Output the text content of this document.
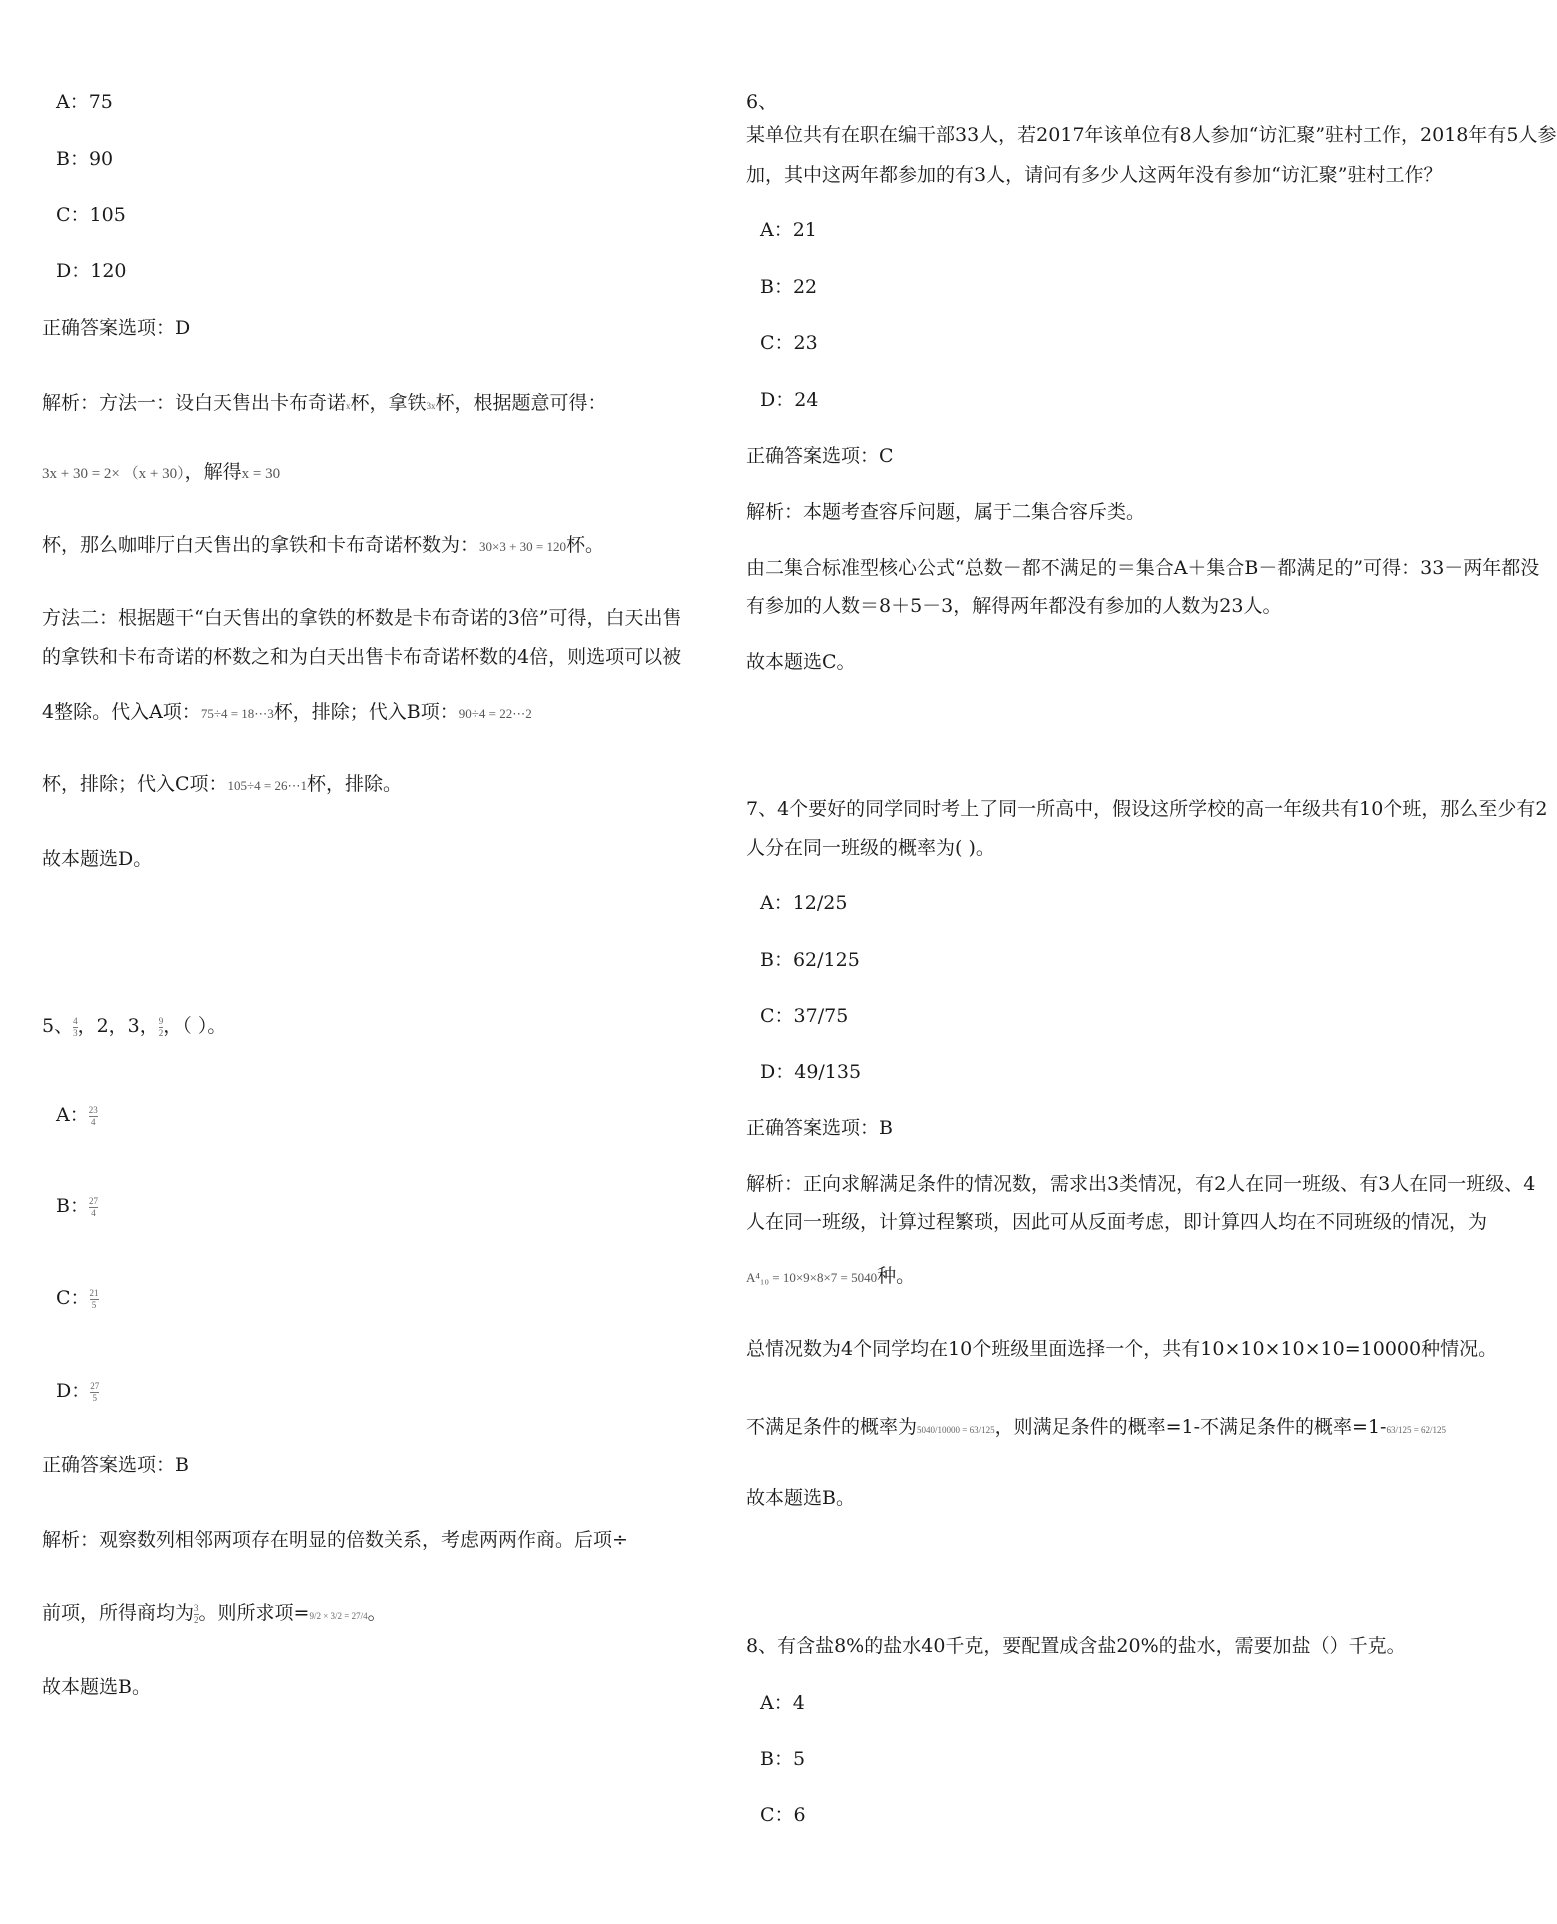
A：75
B：90
C：105
D：120
正确答案选项：D
解析：方法一：设白天售出卡布奇诺x杯，拿铁3x杯，根据题意可得：
3x + 30 = 2× （x + 30），解得x = 30
杯，那么咖啡厅白天售出的拿铁和卡布奇诺杯数为：30×3 + 30 = 120杯。
方法二：根据题干“白天售出的拿铁的杯数是卡布奇诺的3倍”可得，白天出售
的拿铁和卡布奇诺的杯数之和为白天出售卡布奇诺杯数的4倍，则选项可以被
4整除。代入A项：75÷4 = 18⋯3杯，排除；代入B项：90÷4 = 22⋯2
杯，排除；代入C项：105÷4 = 26⋯1杯，排除。
故本题选D。
5、 $\frac{4}{3}$ ，2，3， $\frac{9}{2}$ ，（ ）。
A： $\frac{23}{4}$
B： $\frac{27}{4}$
C： $\frac{21}{5}$
D： $\frac{27}{5}$
正确答案选项：B
解析：观察数列相邻两项存在明显的倍数关系，考虑两两作商。后项÷
前项，所得商均为 $\frac{3}{2}$ 。则所求项=9/2 × 3/2 = 27/4。
故本题选B。
6、
某单位共有在职在编干部33人，若2017年该单位有8人参加“访汇聚”驻村工作，2018年有5人参
加，其中这两年都参加的有3人，请问有多少人这两年没有参加“访汇聚”驻村工作？
A：21
B：22
C：23
D：24
正确答案选项：C
解析：本题考查容斥问题，属于二集合容斥类。
由二集合标准型核心公式“总数－都不满足的＝集合A＋集合B－都满足的”可得：33－两年都没
有参加的人数＝8＋5－3，解得两年都没有参加的人数为23人。
故本题选C。
7、4个要好的同学同时考上了同一所高中，假设这所学校的高一年级共有10个班，那么至少有2
人分在同一班级的概率为( )。
A：12/25
B：62/125
C：37/75
D：49/135
正确答案选项：B
解析：正向求解满足条件的情况数，需求出3类情况，有2人在同一班级、有3人在同一班级、4
人在同一班级，计算过程繁琐，因此可从反面考虑，即计算四人均在不同班级的情况，为
A⁴₁₀ = 10×9×8×7 = 5040种。
总情况数为4个同学均在10个班级里面选择一个，共有10×10×10×10=10000种情况。
不满足条件的概率为5040/10000 = 63/125，则满足条件的概率=1-不满足条件的概率=1-63/125 = 62/125
故本题选B。
8、有含盐8%的盐水40千克，要配置成含盐20%的盐水，需要加盐（）千克。
A：4
B：5
C：6
